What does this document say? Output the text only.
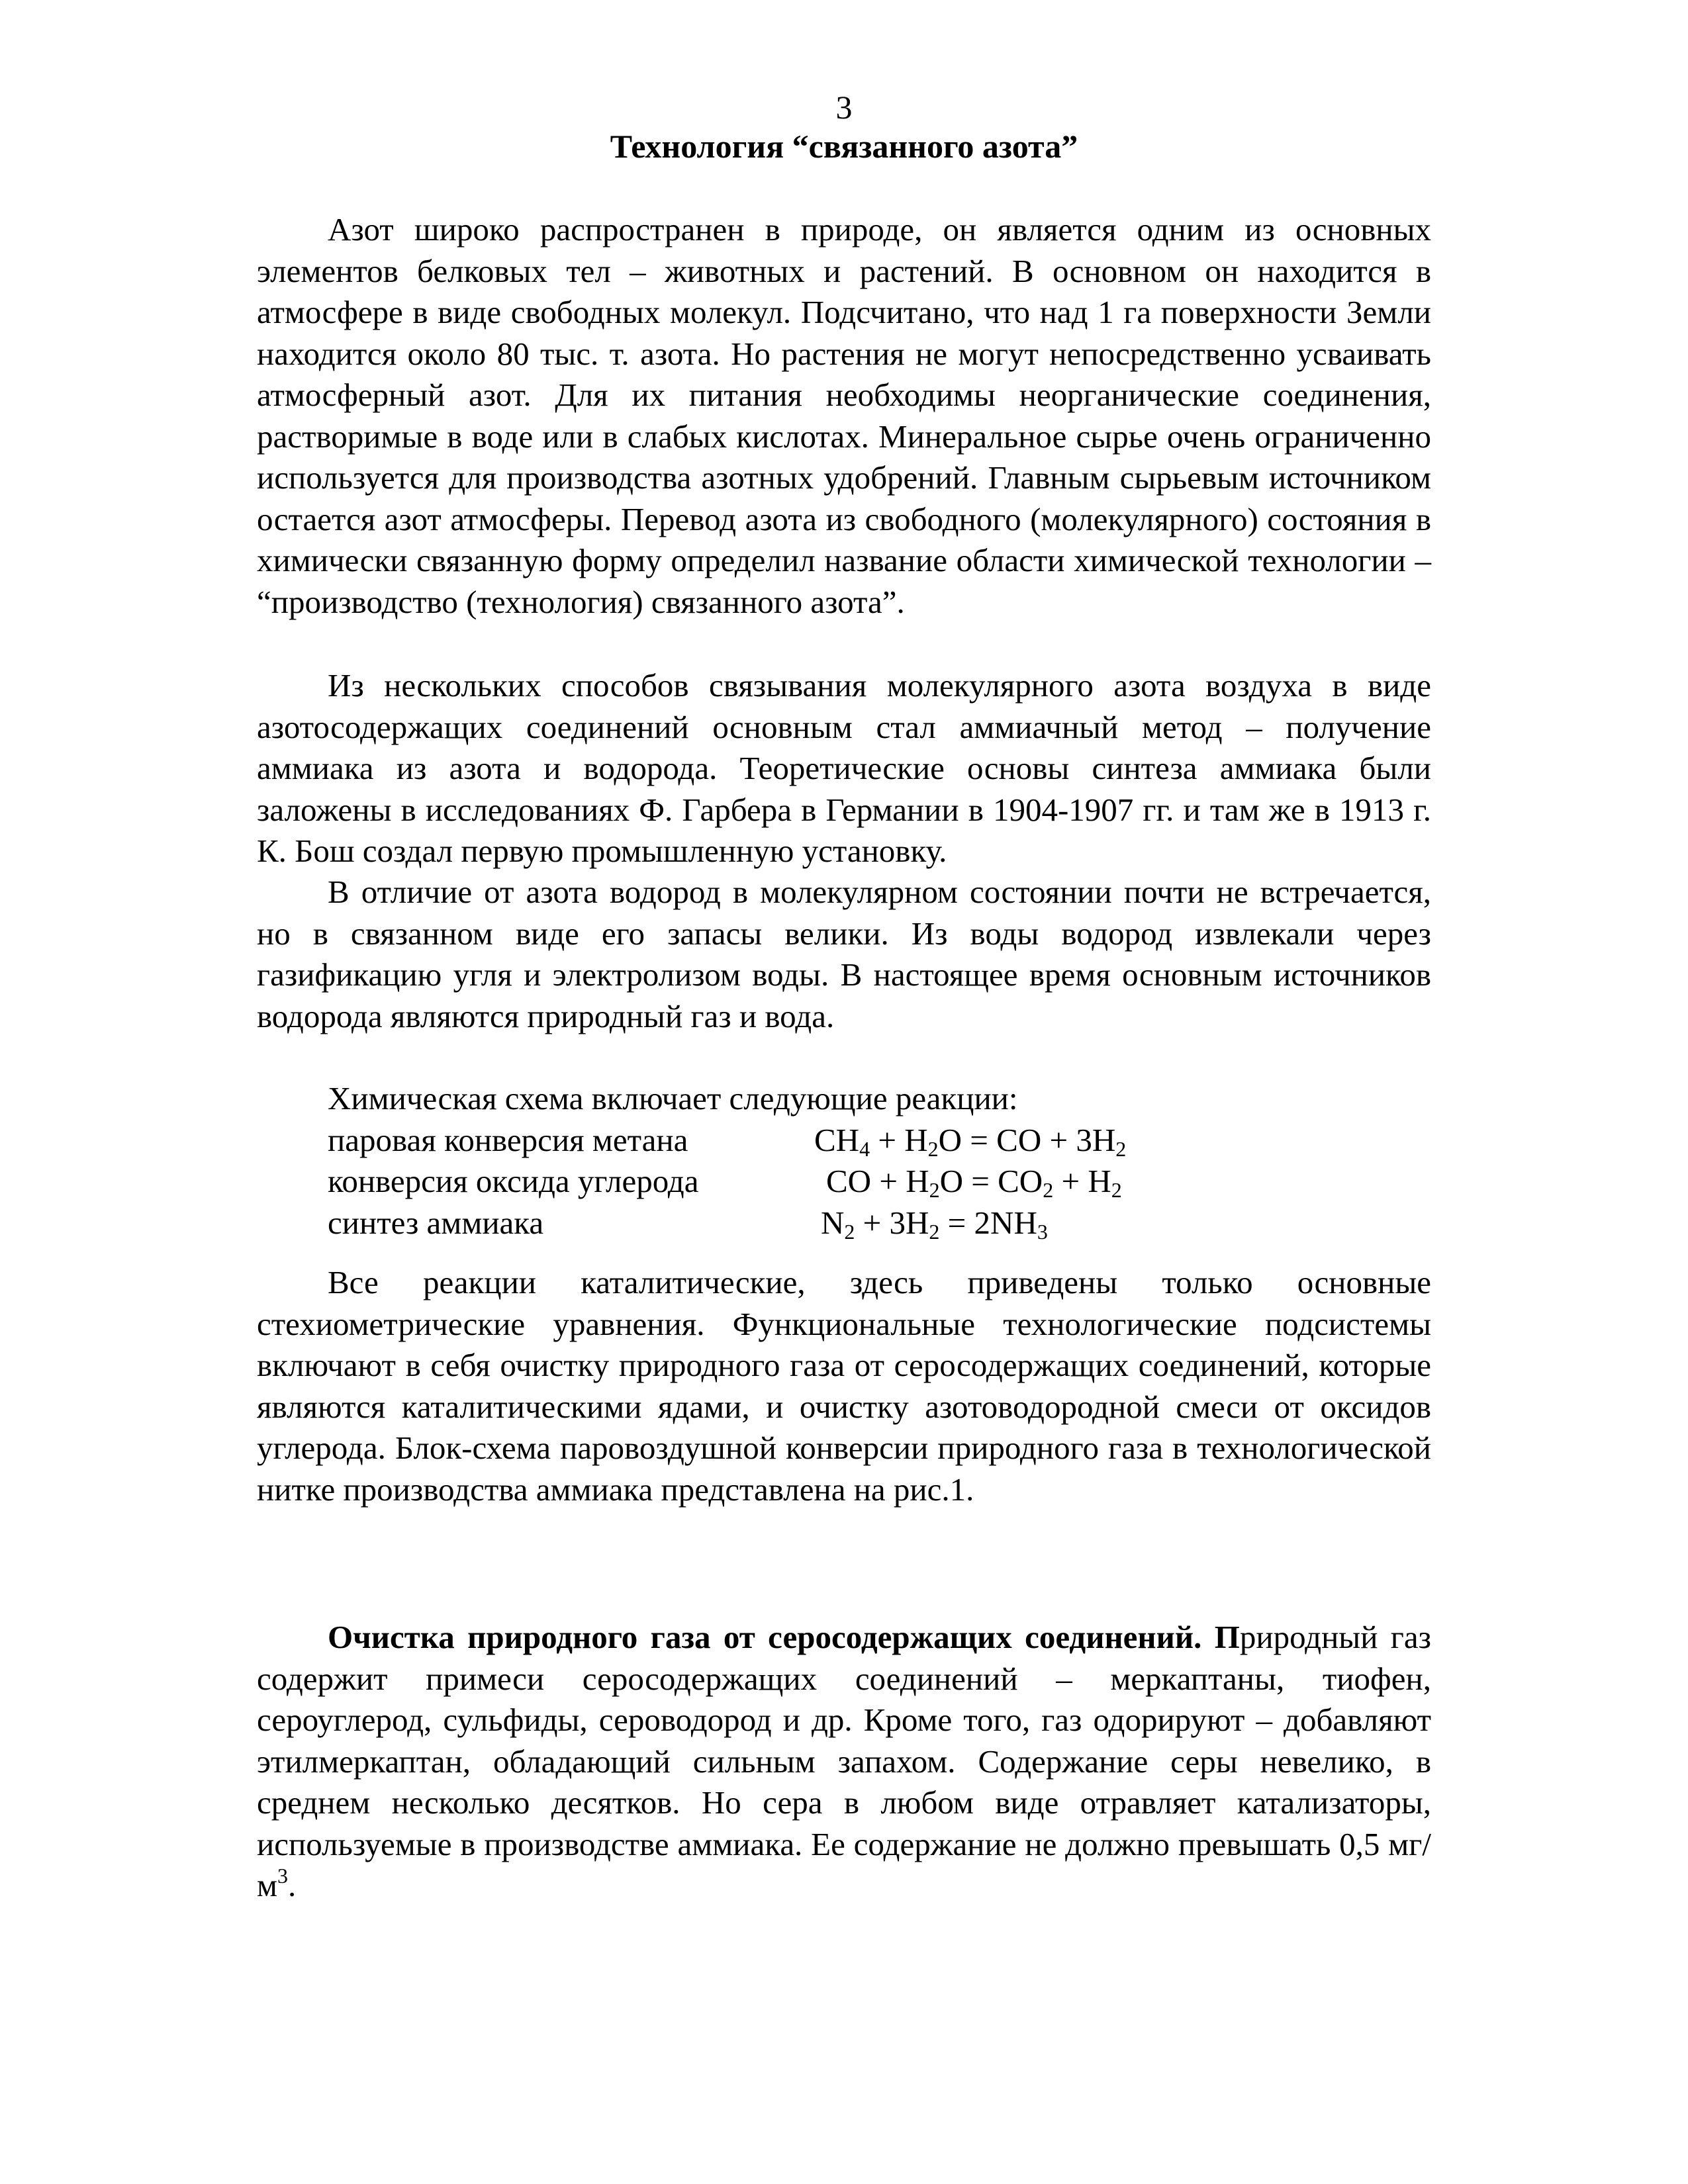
3
Технология “связанного азота”

Азот широко распространен в природе, он является одним из основных элементов белковых тел – животных и растений. В основном он находится в атмосфере в виде свободных молекул. Подсчитано, что над 1 га поверхности Земли находится около 80 тыс. т. азота. Но растения не могут непосредственно усваивать атмосферный азот. Для их питания необходимы неорганические соединения, растворимые в воде или в слабых кислотах. Минеральное сырье очень ограниченно используется для производства азотных удобрений. Главным сырьевым источником остается азот атмосферы. Перевод азота из свободного (молекулярного) состояния в химически связанную форму определил название области химической технологии – “производство (технология) связанного азота”.

Из нескольких способов связывания молекулярного азота воздуха в виде азотосодержащих соединений основным стал аммиачный метод – получение аммиака из азота и водорода. Теоретические основы синтеза аммиака были заложены в исследованиях Ф. Гарбера в Германии в 1904-1907 гг. и там же в 1913 г. К. Бош создал первую промышленную установку.

В отличие от азота водород в молекулярном состоянии почти не встречается, но в связанном виде его запасы велики. Из воды водород извлекали через газификацию угля и электролизом воды. В настоящее время основным источников водорода являются природный газ и вода.

Химическая схема включает следующие реакции:
паровая конверсия метана	$CH_4 + H_2O$ = CO + $3H_2$
конверсия оксида углерода	CO + $H_2O = CO_2 + H_2$
синтез аммиака	$N_2 + 3H_2 = 2NH_3$

Все реакции каталитические, здесь приведены только основные стехиометрические уравнения. Функциональные технологические подсистемы включают в себя очистку природного газа от серосодержащих соединений, которые являются каталитическими ядами, и очистку азотоводородной смеси от оксидов углерода. Блок-схема паровоздушной конверсии природного газа в технологической нитке производства аммиака представлена на рис.1.

Очистка природного газа от серосодержащих соединений. Природный газ содержит примеси серосодержащих соединений – меркаптаны, тиофен, сероуглерод, сульфиды, сероводород и др. Кроме того, газ одорируют – добавляют этилмеркаптан, обладающий сильным запахом. Содержание серы невелико, в среднем несколько десятков. Но сера в любом виде отравляет катализаторы, используемые в производстве аммиака. Ее содержание не должно превышать 0,5 $мг/м^3$.
